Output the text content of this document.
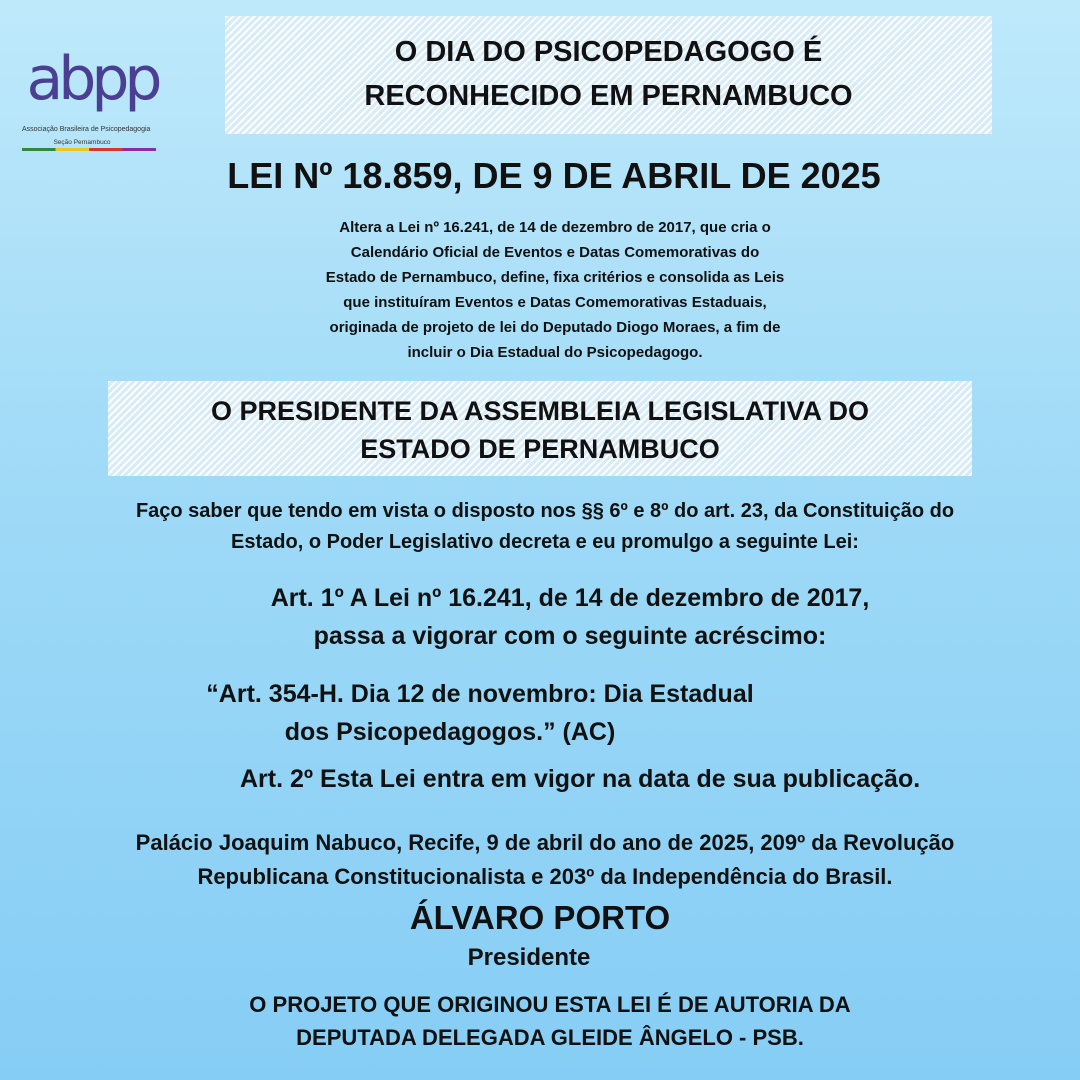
abpp
Associação Brasileira de Psicopedagogia
Seção Pernambuco
O DIA DO PSICOPEDAGOGO É
RECONHECIDO EM PERNAMBUCO
LEI Nº 18.859, DE 9 DE ABRIL DE 2025
Altera a Lei nº 16.241, de 14 de dezembro de 2017, que cria o
Calendário Oficial de Eventos e Datas Comemorativas do
Estado de Pernambuco, define, fixa critérios e consolida as Leis
que instituíram Eventos e Datas Comemorativas Estaduais,
originada de projeto de lei do Deputado Diogo Moraes, a fim de
incluir o Dia Estadual do Psicopedagogo.
O PRESIDENTE DA ASSEMBLEIA LEGISLATIVA DO
ESTADO DE PERNAMBUCO
Faço saber que tendo em vista o disposto nos §§ 6º e 8º do art. 23, da Constituição do
Estado, o Poder Legislativo decreta e eu promulgo a seguinte Lei:
Art. 1º A Lei nº 16.241, de 14 de dezembro de 2017,
passa a vigorar com o seguinte acréscimo:
“Art. 354-H. Dia 12 de novembro: Dia Estadual
dos Psicopedagogos.” (AC)
Art. 2º Esta Lei entra em vigor na data de sua publicação.
Palácio Joaquim Nabuco, Recife, 9 de abril do ano de 2025, 209º da Revolução
Republicana Constitucionalista e 203º da Independência do Brasil.
ÁLVARO PORTO
Presidente
O PROJETO QUE ORIGINOU ESTA LEI É DE AUTORIA DA
DEPUTADA DELEGADA GLEIDE ÂNGELO - PSB.
